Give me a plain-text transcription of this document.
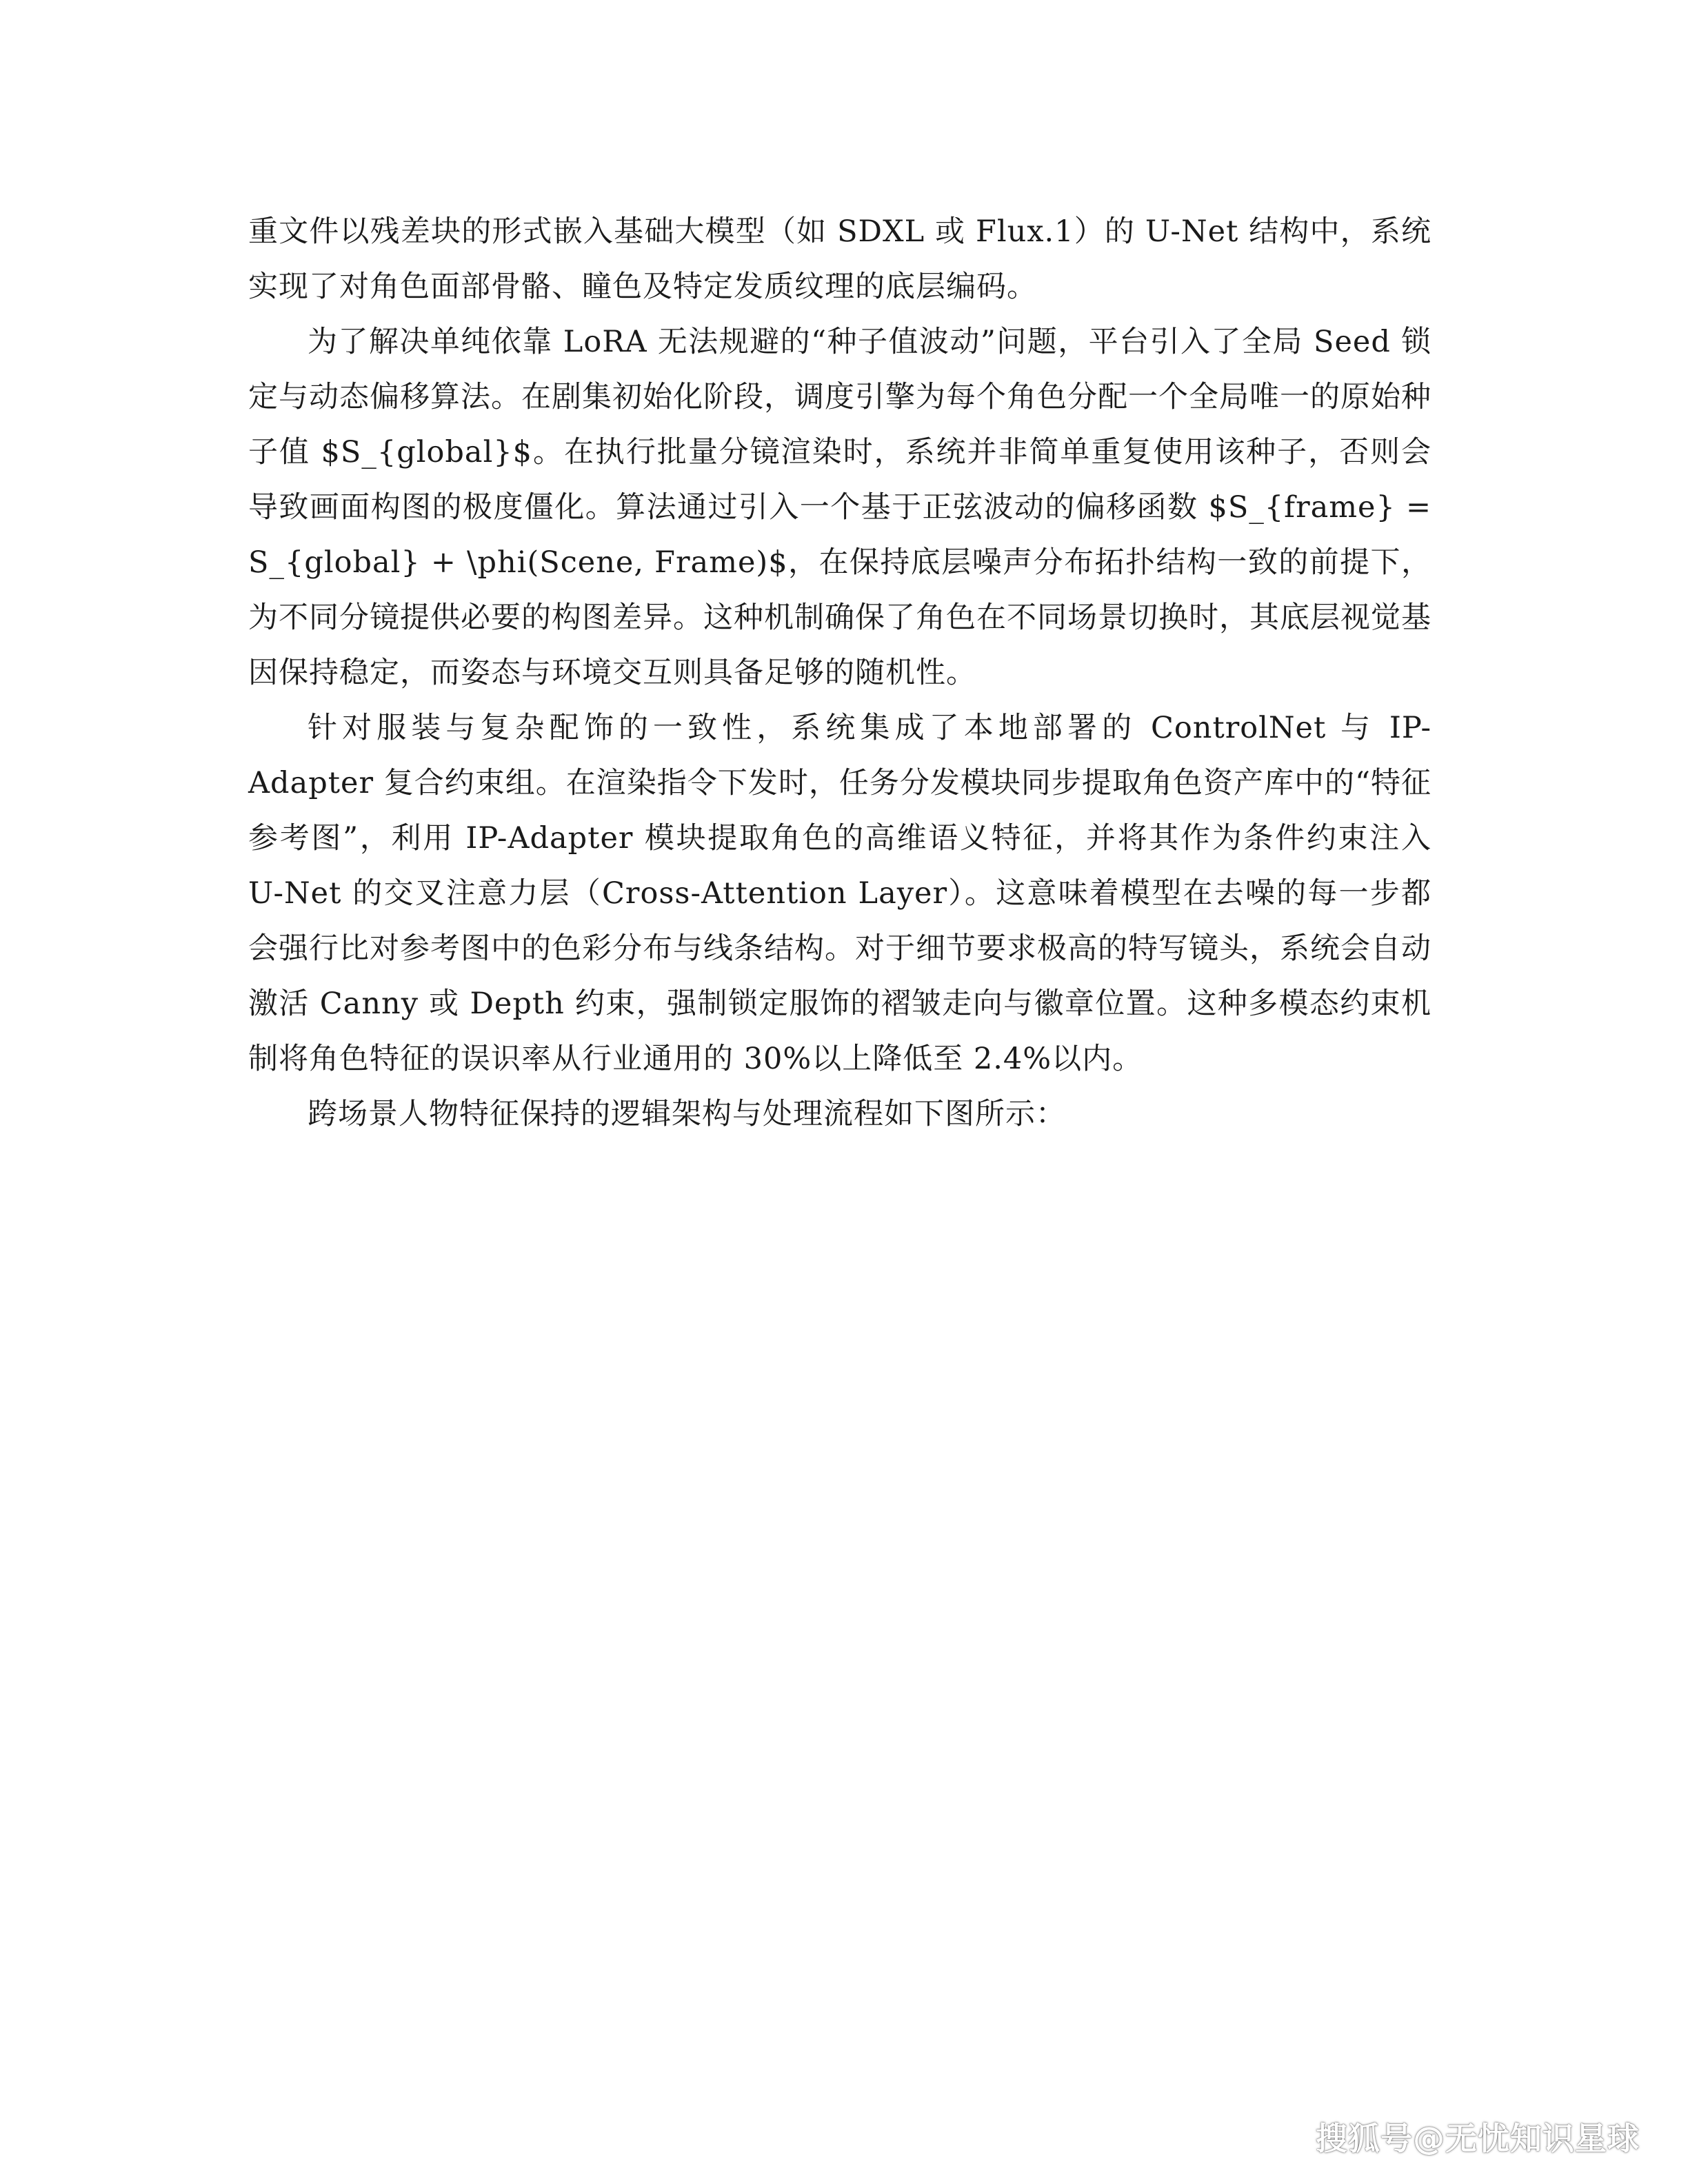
重文件以残差块的形式嵌入基础大模型（如 SDXL 或 Flux.1）的 U-Net 结构中，系统实现了对角色面部骨骼、瞳色及特定发质纹理的底层编码。

为了解决单纯依靠 LoRA 无法规避的“种子值波动”问题，平台引入了全局 Seed 锁定与动态偏移算法。在剧集初始化阶段，调度引擎为每个角色分配一个全局唯一的原始种子值 $S_{global}$。在执行批量分镜渲染时，系统并非简单重复使用该种子，否则会导致画面构图的极度僵化。算法通过引入一个基于正弦波动的偏移函数 $S_{frame} = S_{global} + \phi(Scene, Frame)$，在保持底层噪声分布拓扑结构一致的前提下，为不同分镜提供必要的构图差异。这种机制确保了角色在不同场景切换时，其底层视觉基因保持稳定，而姿态与环境交互则具备足够的随机性。

针对服装与复杂配饰的一致性，系统集成了本地部署的 ControlNet 与 IP-Adapter 复合约束组。在渲染指令下发时，任务分发模块同步提取角色资产库中的“特征参考图”，利用 IP-Adapter 模块提取角色的高维语义特征，并将其作为条件约束注入 U-Net 的交叉注意力层（Cross-Attention Layer）。这意味着模型在去噪的每一步都会强行比对参考图中的色彩分布与线条结构。对于细节要求极高的特写镜头，系统会自动激活 Canny 或 Depth 约束，强制锁定服饰的褶皱走向与徽章位置。这种多模态约束机制将角色特征的误识率从行业通用的 30%以上降低至 2.4%以内。

跨场景人物特征保持的逻辑架构与处理流程如下图所示：

搜狐号@无忧知识星球
